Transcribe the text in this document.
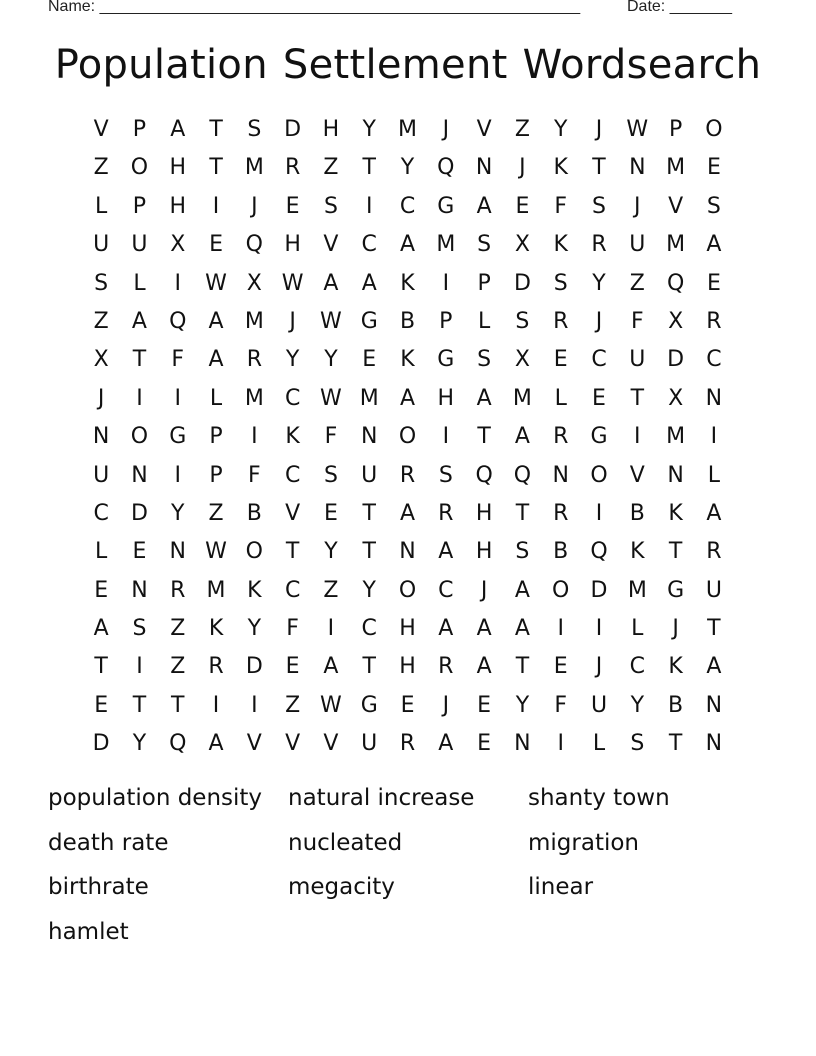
Name: ______________________________________________________	Date: _______
Population Settlement Wordsearch
V	P	A	T	S	D H	Y	M	J	V	Z	Y	J	W P	O
Z	O H	T	M R	Z	T	Y	Q N	J	K	T	N M E
L	P	H	I	J	E	S	I	C	G	A	E	F	S	J	V	S
U	U	X	E	Q H	V	C	A M S	X	K	R	U M A
S	L	I	W X W A	A	K	I	P	D	S	Y	Z	Q	E
Z	A	Q	A M	J	W G	B	P	L	S	R	J	F	X	R
X	T	F	A	R	Y	Y	E	K	G	S	X	E	C	U D	C
J	I	I	L	M C W M A	H	A M	L	E	T	X	N
N O G	P	I	K	F	N O	I	T	A	R	G	I	M	I
U	N	I	P	F	C	S	U	R	S	Q Q N O	V	N	L
C	D	Y	Z	B	V	E	T	A	R	H	T	R	I	B	K	A
L	E	N W O	T	Y	T	N	A	H	S	B	Q	K	T	R
E	N	R M K	C	Z	Y	O C	J	A	O D M G U
A	S	Z	K	Y	F	I	C	H	A	A	A	I	I	L	J	T
T	I	Z	R	D	E	A	T	H	R	A	T	E	J	C	K	A
E	T	T	I	I	Z W G	E	J	E	Y	F	U	Y	B	N
D	Y	Q	A	V	V	V	U	R	A	E	N	I	L	S	T	N
population density	natural increase	shanty town
death rate	nucleated	migration
birthrate	megacity	linear
hamlet
